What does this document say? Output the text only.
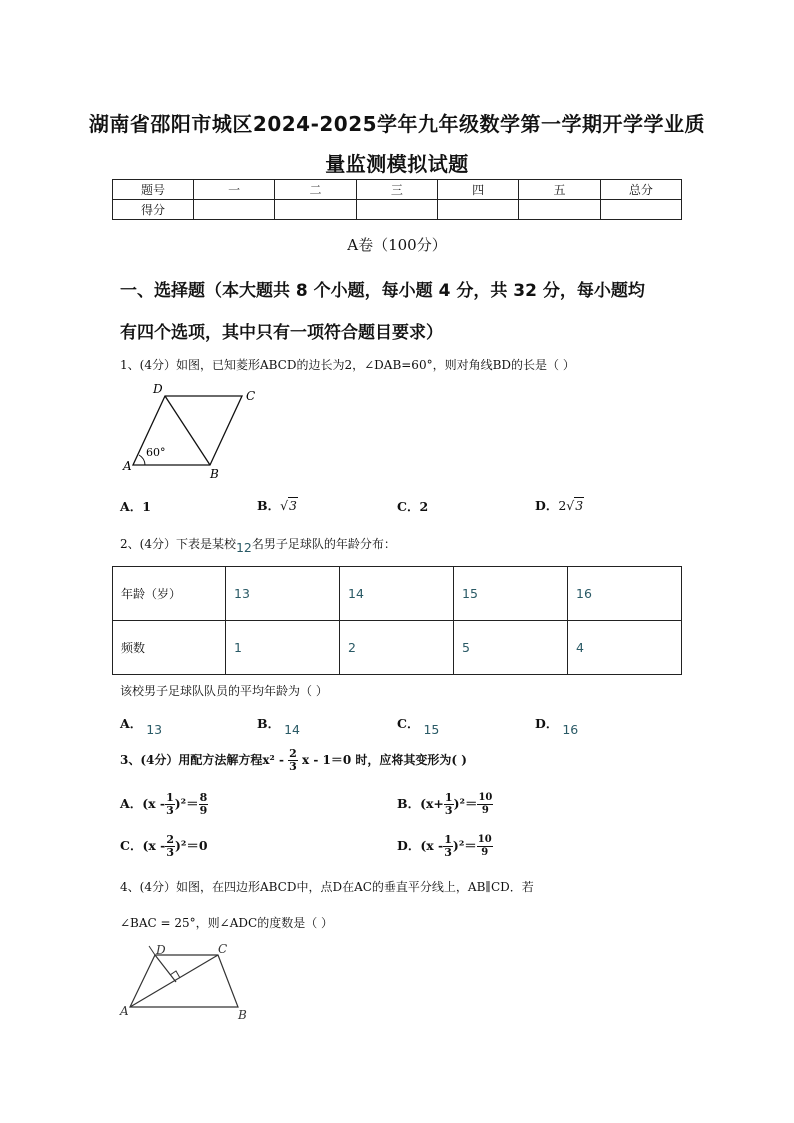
湖南省邵阳市城区2024-2025学年九年级数学第一学期开学学业质
量监测模拟试题
题号	一	二	三	四	五	总分
得分						
A卷（100分）
一、选择题（本大题共 8 个小题，每小题 4 分，共 32 分，每小题均
有四个选项，其中只有一项符合题目要求）
1、(4分）如图，已知菱形ABCD的边长为2，∠DAB=60°，则对角线BD的长是（ ）
A
B
C
D
60°
A．1	B．√3	C．2	D．2√3
2、(4分）下表是某校12名男子足球队的年龄分布：
年龄（岁）	13	14	15	16
频数	1	2	5	4
该校男子足球队队员的平均年龄为（ ）
A． 13	B． 14	C． 15	D． 16
3、(4分）用配方法解方程$x^2 - \frac{2}{3}$ x - 1＝0 时，应将其变形为( )
A．$(x - \frac{1}{3} )^2= \frac{8}{9}$	B．$(x+ \frac{1}{3} )^2= \frac{10}{9}$
C．$(x - \frac{2}{3} )^2=0$	D．$(x - \frac{1}{3} )^2= \frac{10}{9}$
4、(4分）如图，在四边形ABCD中，点D在AC的垂直平分线上，AB∥CD．若
∠BAC = 25°，则∠ADC的度数是（ ）
A	B
C
D
